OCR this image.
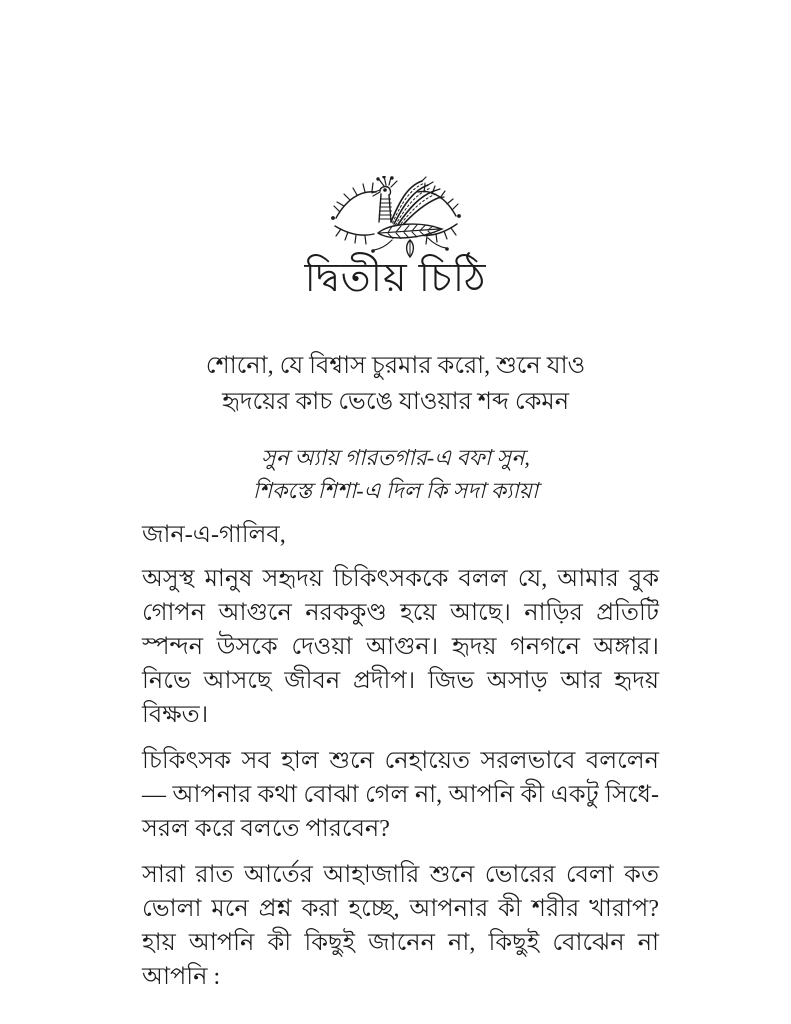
দ্বিতীয় চিঠি
শোনো, যে বিশ্বাস চুরমার করো, শুনে যাও
হৃদয়ের কাচ ভেঙে যাওয়ার শব্দ কেমন
সুন অ্যায় গারতগার-এ বফা সুন,
শিকস্তে শিশা-এ দিল কি সদা ক্যায়া

জান-এ-গালিব,

অসুস্থ মানুষ সহৃদয় চিকিৎসককে বলল যে, আমার বুক গোপন আগুনে নরককুণ্ড হয়ে আছে। নাড়ির প্রতিটি স্পন্দন উসকে দেওয়া আগুন। হৃদয় গনগনে অঙ্গার। নিভে আসছে জীবন প্রদীপ। জিভ অসাড় আর হৃদয় বিক্ষত।

চিকিৎসক সব হাল শুনে নেহায়েত সরলভাবে বললেন — আপনার কথা বোঝা গেল না, আপনি কী একটু সিধে-সরল করে বলতে পারবেন?

সারা রাত আর্তের আহাজারি শুনে ভোরের বেলা কত ভোলা মনে প্রশ্ন করা হচ্ছে, আপনার কী শরীর খারাপ? হায় আপনি কী কিছুই জানেন না, কিছুই বোঝেন না আপনি :
